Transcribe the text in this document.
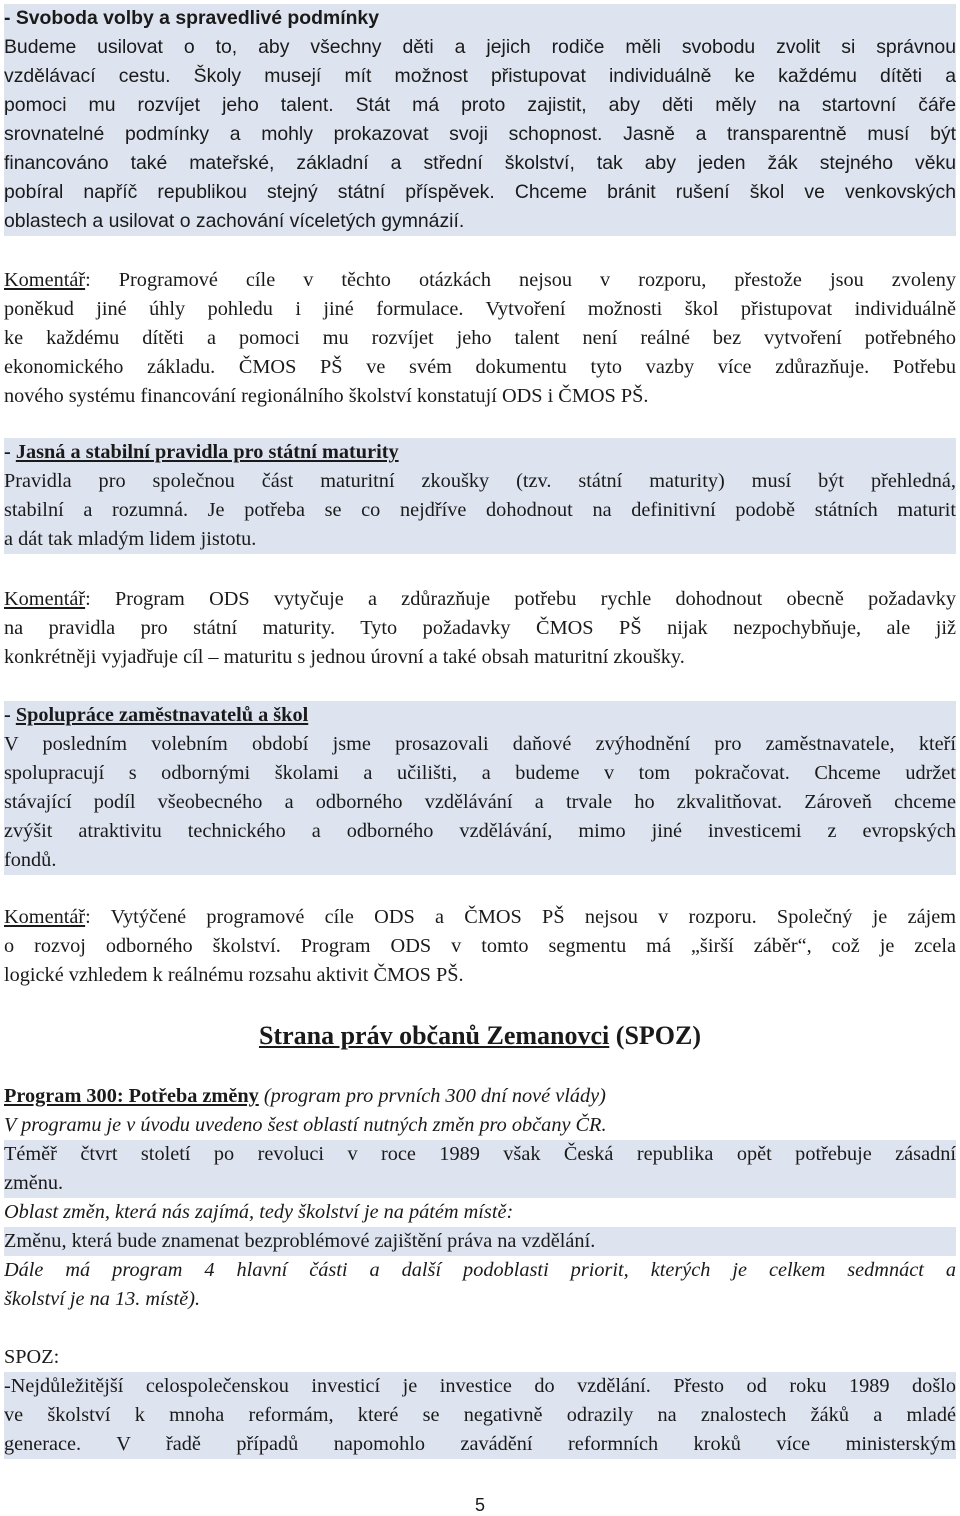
- Svoboda volby a spravedlivé podmínky
Budeme usilovat o to, aby všechny děti a jejich rodiče měli svobodu zvolit si správnou
vzdělávací cestu. Školy musejí mít možnost přistupovat individuálně ke každému dítěti a
pomoci mu rozvíjet jeho talent. Stát má proto zajistit, aby děti měly na startovní čáře
srovnatelné podmínky a mohly prokazovat svoji schopnost. Jasně a transparentně musí být
financováno také mateřské, základní a střední školství, tak aby jeden žák stejného věku
pobíral napříč republikou stejný státní příspěvek. Chceme bránit rušení škol ve venkovských
oblastech a usilovat o zachování víceletých gymnázií.
Komentář: Programové cíle v těchto otázkách nejsou v rozporu, přestože jsou zvoleny
poněkud jiné úhly pohledu i jiné formulace. Vytvoření možnosti škol přistupovat individuálně
ke každému dítěti a pomoci mu rozvíjet jeho talent není reálné bez vytvoření potřebného
ekonomického základu. ČMOS PŠ ve svém dokumentu tyto vazby více zdůrazňuje. Potřebu
nového systému financování regionálního školství konstatují ODS i ČMOS PŠ.
- Jasná a stabilní pravidla pro státní maturity
Pravidla pro společnou část maturitní zkoušky (tzv. státní maturity) musí být přehledná,
stabilní a rozumná. Je potřeba se co nejdříve dohodnout na definitivní podobě státních maturit
a dát tak mladým lidem jistotu.
Komentář: Program ODS vytyčuje a zdůrazňuje potřebu rychle dohodnout obecně požadavky
na pravidla pro státní maturity. Tyto požadavky ČMOS PŠ nijak nezpochybňuje, ale již
konkrétněji vyjadřuje cíl – maturitu s jednou úrovní a také obsah maturitní zkoušky.
- Spolupráce zaměstnavatelů a škol
V posledním volebním období jsme prosazovali daňové zvýhodnění pro zaměstnavatele, kteří
spolupracují s odbornými školami a učilišti, a budeme v tom pokračovat. Chceme udržet
stávající podíl všeobecného a odborného vzdělávání a trvale ho zkvalitňovat. Zároveň chceme
zvýšit atraktivitu technického a odborného vzdělávání, mimo jiné investicemi z evropských
fondů.
Komentář: Vytýčené programové cíle ODS a ČMOS PŠ nejsou v rozporu. Společný je zájem
o rozvoj odborného školství. Program ODS v tomto segmentu má „širší záběr“, což je zcela
logické vzhledem k reálnému rozsahu aktivit ČMOS PŠ.
Strana práv občanů Zemanovci (SPOZ)
Program 300: Potřeba změny (program pro prvních 300 dní nové vlády)
V programu je v úvodu uvedeno šest oblastí nutných změn pro občany ČR.
Téměř čtvrt století po revoluci v roce 1989 však Česká republika opět potřebuje zásadní
změnu.
Oblast změn, která nás zajímá, tedy školství je na pátém místě:
Změnu, která bude znamenat bezproblémové zajištění práva na vzdělání.
Dále má program 4 hlavní části a další podoblasti priorit, kterých je celkem sedmnáct a
školství je na 13. místě).
SPOZ:
-Nejdůležitější celospolečenskou investicí je investice do vzdělání. Přesto od roku 1989 došlo
ve školství k mnoha reformám, které se negativně odrazily na znalostech žáků a mladé
generace. V řadě případů napomohlo zavádění reformních kroků více ministerským
5
